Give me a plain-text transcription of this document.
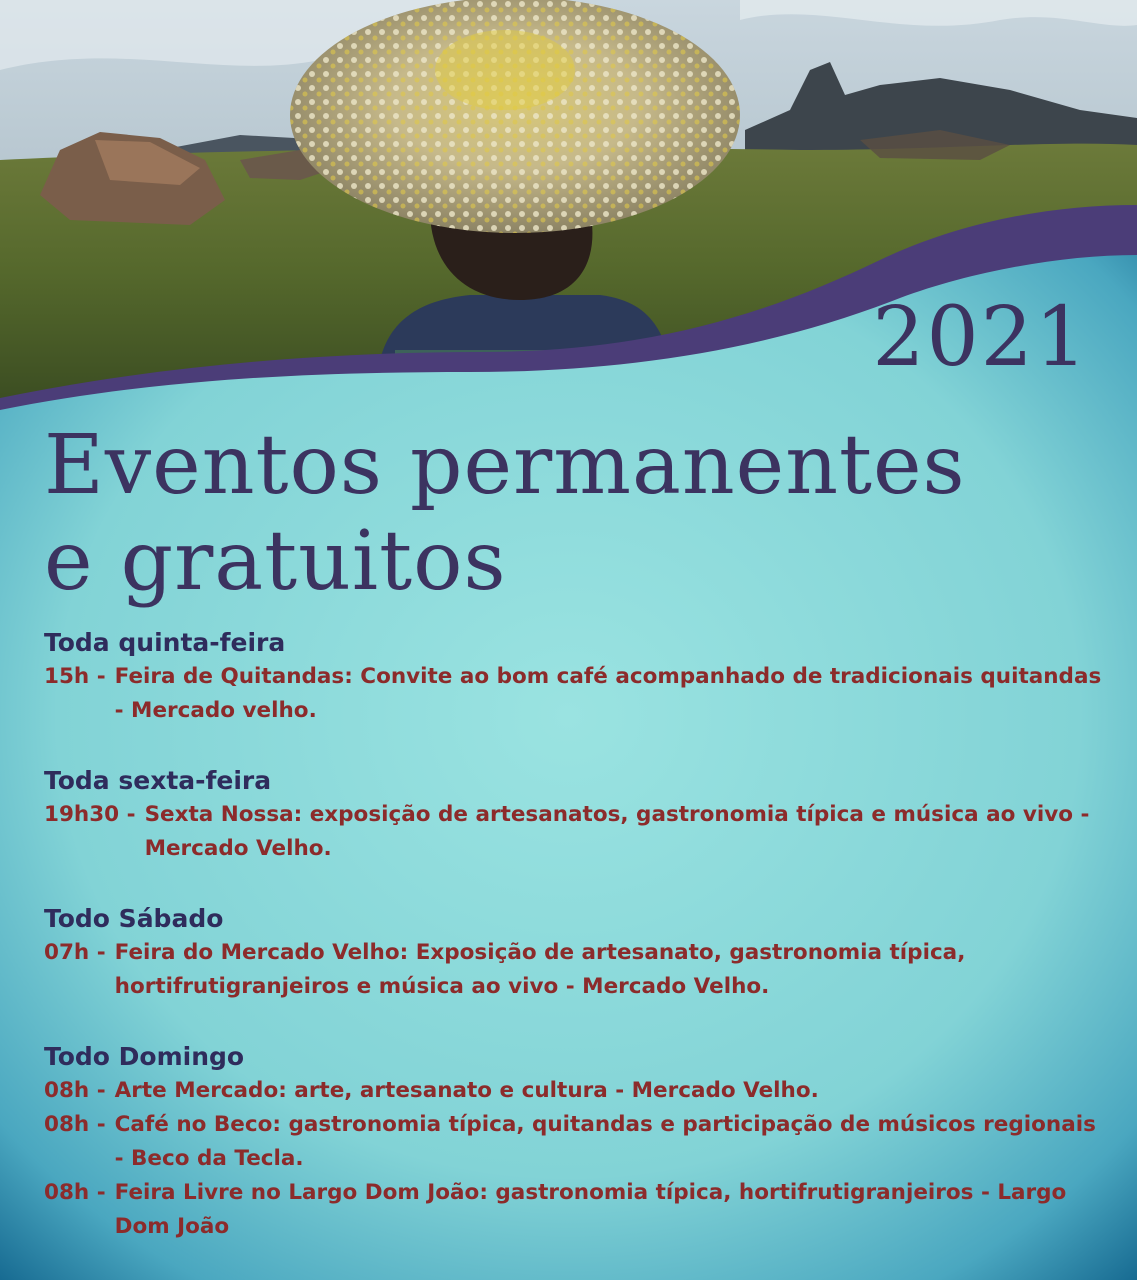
2021
Eventos permanentes
e gratuitos
Toda quinta-feira
15h - Feira de Quitandas: Convite ao bom café acompanhado de tradicionais quitandas - Mercado velho.
Toda sexta-feira
19h30 - Sexta Nossa: exposição de artesanatos, gastronomia típica e música ao vivo - Mercado Velho.
Todo Sábado
07h - Feira do Mercado Velho: Exposição de artesanato, gastronomia típica, hortifrutigranjeiros e música ao vivo - Mercado Velho.
Todo Domingo
08h - Arte Mercado: arte, artesanato e cultura - Mercado Velho.
08h - Café no Beco: gastronomia típica, quitandas e participação de músicos regionais - Beco da Tecla.
08h - Feira Livre no Largo Dom João: gastronomia típica, hortifrutigranjeiros - Largo Dom João
